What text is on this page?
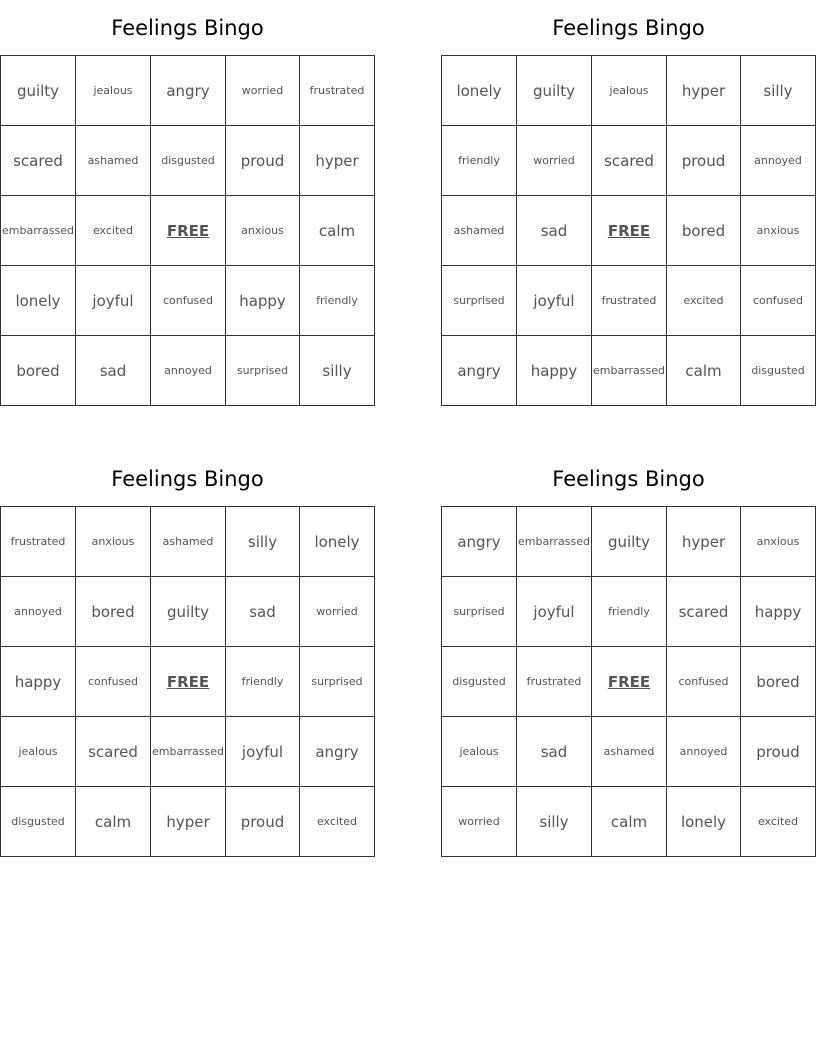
Feelings Bingo
guilty	jealous	angry	worried	frustrated
scared	ashamed	disgusted	proud	hyper
embarrassed	excited	FREE	anxious	calm
lonely	joyful	confused	happy	friendly
bored	sad	annoyed	surprised	silly
Feelings Bingo
lonely	guilty	jealous	hyper	silly
friendly	worried	scared	proud	annoyed
ashamed	sad	FREE	bored	anxious
surprised	joyful	frustrated	excited	confused
angry	happy	embarrassed	calm	disgusted
Feelings Bingo
frustrated	anxious	ashamed	silly	lonely
annoyed	bored	guilty	sad	worried
happy	confused	FREE	friendly	surprised
jealous	scared	embarrassed	joyful	angry
disgusted	calm	hyper	proud	excited
Feelings Bingo
angry	embarrassed	guilty	hyper	anxious
surprised	joyful	friendly	scared	happy
disgusted	frustrated	FREE	confused	bored
jealous	sad	ashamed	annoyed	proud
worried	silly	calm	lonely	excited
